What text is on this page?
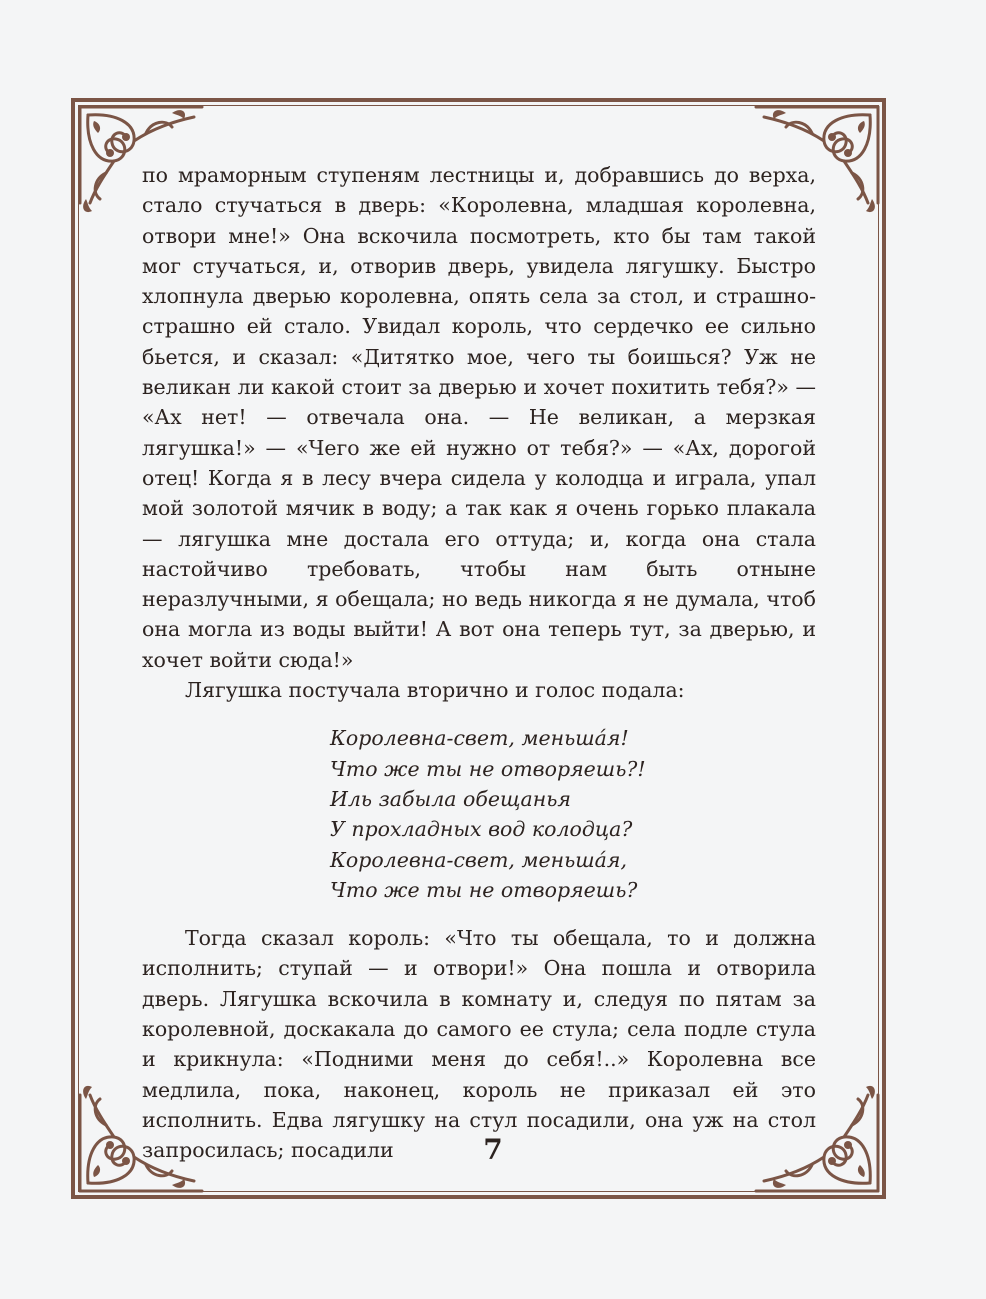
по мраморным ступеням лестницы и, добравшись до верха, стало стучаться в дверь: «Королевна, младшая королевна, отвори мне!» Она вскочила посмотреть, кто бы там такой мог стучаться, и, отворив дверь, увидела лягушку. Быстро хлопнула дверью королевна, опять села за стол, и страшно-страшно ей стало. Увидал король, что сердечко ее сильно бьется, и сказал: «Дитятко мое, чего ты боишься? Уж не великан ли какой стоит за дверью и хочет похитить тебя?» — «Ах нет! — отвечала она. — Не великан, а мерзкая лягушка!» — «Чего же ей нужно от тебя?» — «Ах, дорогой отец! Когда я в лесу вчера сидела у колодца и играла, упал мой золотой мячик в воду; а так как я очень горько плакала — лягушка мне достала его оттуда; и, когда она стала настойчиво требовать, чтобы нам быть отныне неразлучными, я обещала; но ведь никогда я не думала, чтоб она могла из воды выйти! А вот она теперь тут, за дверью, и хочет войти сюда!»

Лягушка постучала вторично и голос подала:

Королевна-свет, меньша́я!
Что же ты не отворяешь?!
Иль забыла обещанья
У прохладных вод колодца?
Королевна-свет, меньша́я,
Что же ты не отворяешь?

Тогда сказал король: «Что ты обещала, то и должна исполнить; ступай — и отвори!» Она пошла и отворила дверь. Лягушка вскочила в комнату и, следуя по пятам за королевной, доскакала до самого ее стула; села подле стула и крикнула: «Подними меня до себя!..» Королевна все медлила, пока, наконец, король не приказал ей это исполнить. Едва лягушку на стул посадили, она уж на стол запросилась; посадили	7
